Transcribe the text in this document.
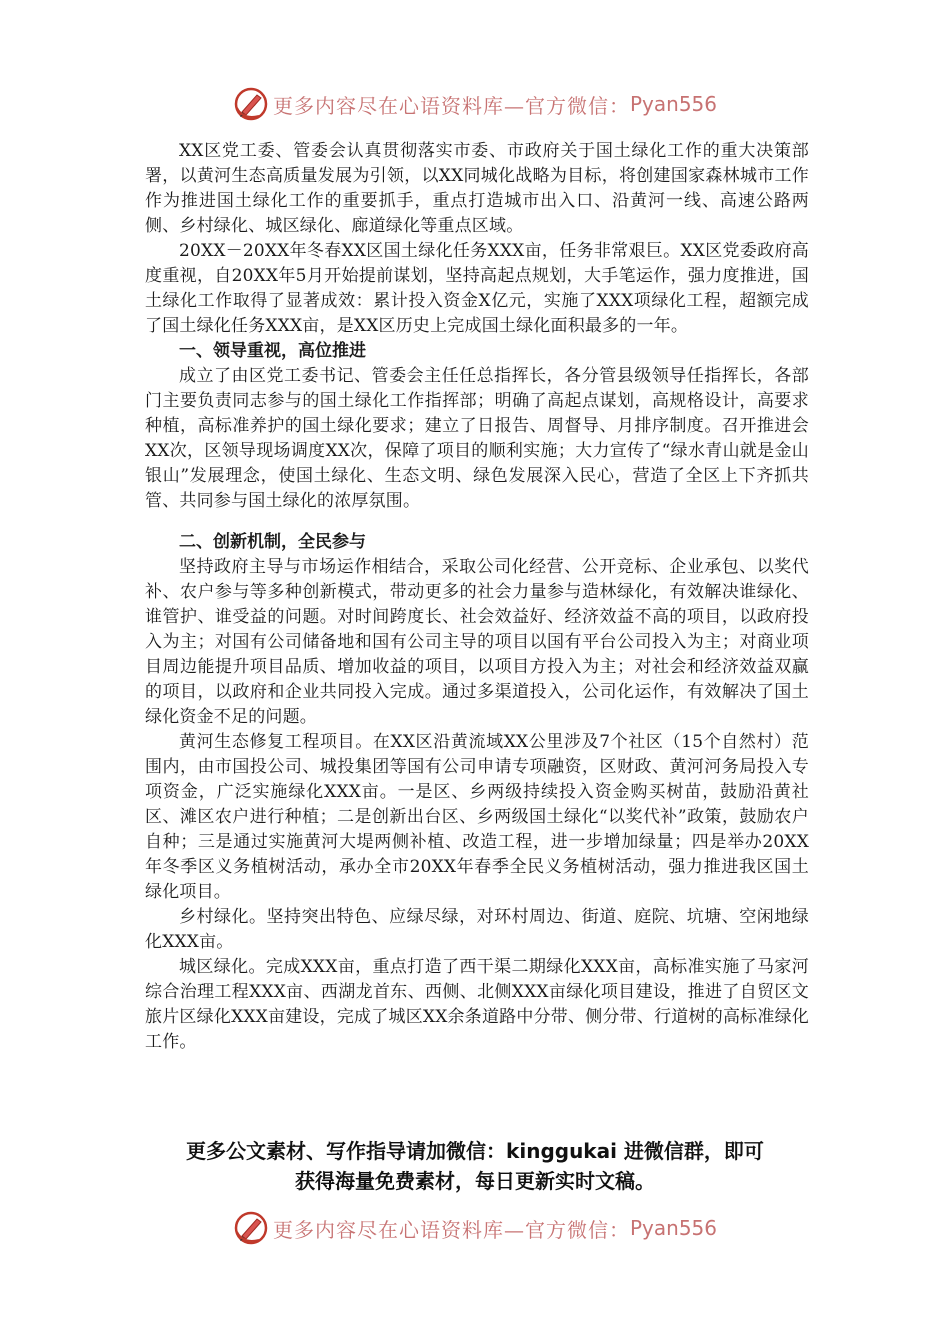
更多内容尽在心语资料库—官方微信： Pyan556

XX区党工委、管委会认真贯彻落实市委、市政府关于国土绿化工作的重大决策部署，以黄河生态高质量发展为引领，以XX同城化战略为目标，将创建国家森林城市工作作为推进国土绿化工作的重要抓手，重点打造城市出入口、沿黄河一线、高速公路两侧、乡村绿化、城区绿化、廊道绿化等重点区域。

20XX－20XX年冬春XX区国土绿化任务XXX亩，任务非常艰巨。XX区党委政府高度重视，自20XX年5月开始提前谋划，坚持高起点规划，大手笔运作，强力度推进，国土绿化工作取得了显著成效：累计投入资金X亿元，实施了XXX项绿化工程，超额完成了国土绿化任务XXX亩，是XX区历史上完成国土绿化面积最多的一年。

一、领导重视，高位推进

成立了由区党工委书记、管委会主任任总指挥长，各分管县级领导任指挥长，各部门主要负责同志参与的国土绿化工作指挥部；明确了高起点谋划，高规格设计，高要求种植，高标准养护的国土绿化要求；建立了日报告、周督导、月排序制度。召开推进会XX次，区领导现场调度XX次，保障了项目的顺利实施；大力宣传了“绿水青山就是金山银山”发展理念，使国土绿化、生态文明、绿色发展深入民心，营造了全区上下齐抓共管、共同参与国土绿化的浓厚氛围。

二、创新机制，全民参与

坚持政府主导与市场运作相结合，采取公司化经营、公开竞标、企业承包、以奖代补、农户参与等多种创新模式，带动更多的社会力量参与造林绿化，有效解决谁绿化、谁管护、谁受益的问题。对时间跨度长、社会效益好、经济效益不高的项目，以政府投入为主；对国有公司储备地和国有公司主导的项目以国有平台公司投入为主；对商业项目周边能提升项目品质、增加收益的项目，以项目方投入为主；对社会和经济效益双赢的项目，以政府和企业共同投入完成。通过多渠道投入，公司化运作，有效解决了国土绿化资金不足的问题。

黄河生态修复工程项目。在XX区沿黄流域XX公里涉及7个社区（15个自然村）范围内，由市国投公司、城投集团等国有公司申请专项融资，区财政、黄河河务局投入专项资金，广泛实施绿化XXX亩。一是区、乡两级持续投入资金购买树苗，鼓励沿黄社区、滩区农户进行种植；二是创新出台区、乡两级国土绿化“以奖代补”政策，鼓励农户自种；三是通过实施黄河大堤两侧补植、改造工程，进一步增加绿量；四是举办20XX年冬季区义务植树活动，承办全市20XX年春季全民义务植树活动，强力推进我区国土绿化项目。

乡村绿化。坚持突出特色、应绿尽绿，对环村周边、街道、庭院、坑塘、空闲地绿化XXX亩。

城区绿化。完成XXX亩，重点打造了西干渠二期绿化XXX亩，高标准实施了马家河综合治理工程XXX亩、西湖龙首东、西侧、北侧XXX亩绿化项目建设，推进了自贸区文旅片区绿化XXX亩建设，完成了城区XX余条道路中分带、侧分带、行道树的高标准绿化工作。

更多公文素材、写作指导请加微信：kinggukai 进微信群，即可
获得海量免费素材，每日更新实时文稿。
更多内容尽在心语资料库—官方微信： Pyan556
